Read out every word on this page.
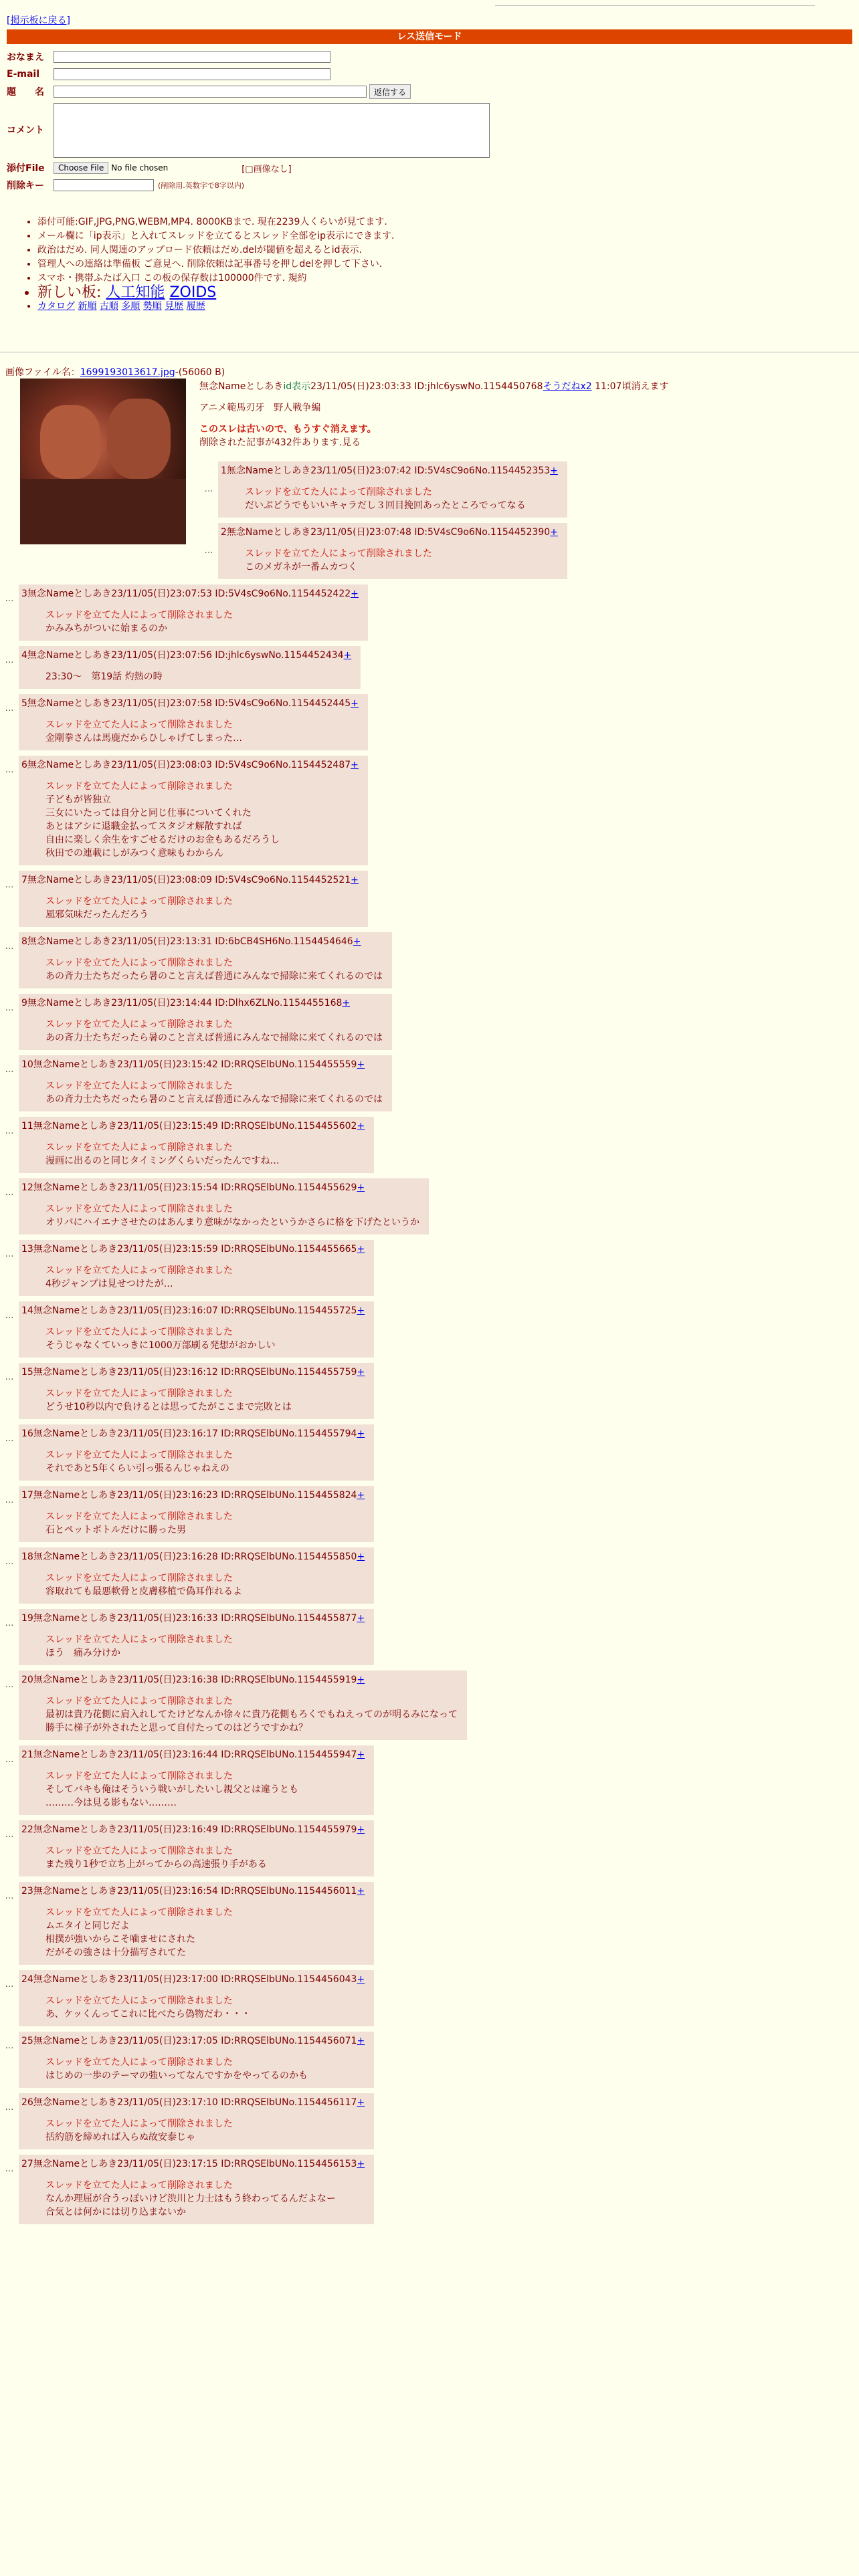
[掲示板に戻る]
レス送信モード
おなまえ
E-mail
題　　名	返信する
コメント
添付File	Choose File No file chosen	[□画像なし]
削除キー	(削除用.英数字で8字以内)
• 添付可能:GIF,JPG,PNG,WEBM,MP4. 8000KBまで. 現在2239人くらいが見てます.
• メール欄に「ip表示」と入れてスレッドを立てるとスレッド全部をip表示にできます.
• 政治はだめ. 同人関連のアップロード依頼はだめ.delが閾値を超えるとid表示.
• 管理人への連絡は準備板 ご意見へ. 削除依頼は記事番号を押しdelを押して下さい.
• スマホ・携帯ふたば入口 この板の保存数は100000件です. 規約
• 新しい板: 人工知能 ZOIDS
• カタログ 新順 古順 多順 勢順 見歴 履歴
画像ファイル名：1699193013617.jpg-(56060 B)
無念Nameとしあきid表示23/11/05(日)23:03:33 ID:jhlc6yswNo.1154450768そうだねx2 11:07頃消えます
アニメ範馬刃牙　野人戦争編
このスレは古いので、もうすぐ消えます。
削除された記事が432件あります.見る
…
1無念Nameとしあき23/11/05(日)23:07:42 ID:5V4sC9o6No.1154452353+
スレッドを立てた人によって削除されました
だいぶどうでもいいキャラだし３回目挽回あったところでってなる
…
2無念Nameとしあき23/11/05(日)23:07:48 ID:5V4sC9o6No.1154452390+
スレッドを立てた人によって削除されました
このメガネが一番ムカつく
… 3無念Nameとしあき23/11/05(日)23:07:53 ID:5V4sC9o6No.1154452422+
スレッドを立てた人によって削除されました
かみみちがついに始まるのか
… 4無念Nameとしあき23/11/05(日)23:07:56 ID:jhlc6yswNo.1154452434+
23:30〜　第19話 灼熱の時
… 5無念Nameとしあき23/11/05(日)23:07:58 ID:5V4sC9o6No.1154452445+
スレッドを立てた人によって削除されました
金剛拳さんは馬鹿だからひしゃげてしまった…
… 6無念Nameとしあき23/11/05(日)23:08:03 ID:5V4sC9o6No.1154452487+
スレッドを立てた人によって削除されました
子どもが皆独立
三女にいたっては自分と同じ仕事についてくれた
あとはアシに退職金払ってスタジオ解散すれば
自由に楽しく余生をすごせるだけのお金もあるだろうし
秋田での連載にしがみつく意味もわからん
… 7無念Nameとしあき23/11/05(日)23:08:09 ID:5V4sC9o6No.1154452521+
スレッドを立てた人によって削除されました
風邪気味だったんだろう
… 8無念Nameとしあき23/11/05(日)23:13:31 ID:6bCB4SH6No.1154454646+
スレッドを立てた人によって削除されました
あの斉力士たちだったら暑のこと言えば普通にみんなで掃除に来てくれるのでは
… 9無念Nameとしあき23/11/05(日)23:14:44 ID:Dlhx6ZLNo.1154455168+
スレッドを立てた人によって削除されました
あの斉力士たちだったら暑のこと言えば普通にみんなで掃除に来てくれるのでは
… 10無念Nameとしあき23/11/05(日)23:15:42 ID:RRQSElbUNo.1154455559+
スレッドを立てた人によって削除されました
あの斉力士たちだったら暑のこと言えば普通にみんなで掃除に来てくれるのでは
… 11無念Nameとしあき23/11/05(日)23:15:49 ID:RRQSElbUNo.1154455602+
スレッドを立てた人によって削除されました
漫画に出るのと同じタイミングくらいだったんですね…
… 12無念Nameとしあき23/11/05(日)23:15:54 ID:RRQSElbUNo.1154455629+
スレッドを立てた人によって削除されました
オリバにハイエナさせたのはあんまり意味がなかったというかさらに格を下げたというか
… 13無念Nameとしあき23/11/05(日)23:15:59 ID:RRQSElbUNo.1154455665+
スレッドを立てた人によって削除されました
4秒ジャンプは見せつけたが…
… 14無念Nameとしあき23/11/05(日)23:16:07 ID:RRQSElbUNo.1154455725+
スレッドを立てた人によって削除されました
そうじゃなくていっきに1000万部刷る発想がおかしい
… 15無念Nameとしあき23/11/05(日)23:16:12 ID:RRQSElbUNo.1154455759+
スレッドを立てた人によって削除されました
どうせ10秒以内で負けるとは思ってたがここまで完敗とは
… 16無念Nameとしあき23/11/05(日)23:16:17 ID:RRQSElbUNo.1154455794+
スレッドを立てた人によって削除されました
それであと5年くらい引っ張るんじゃねえの
… 17無念Nameとしあき23/11/05(日)23:16:23 ID:RRQSElbUNo.1154455824+
スレッドを立てた人によって削除されました
石とペットボトルだけに勝った男
… 18無念Nameとしあき23/11/05(日)23:16:28 ID:RRQSElbUNo.1154455850+
スレッドを立てた人によって削除されました
容取れても最悪軟骨と皮膚移植で偽耳作れるよ
… 19無念Nameとしあき23/11/05(日)23:16:33 ID:RRQSElbUNo.1154455877+
スレッドを立てた人によって削除されました
ほう　痛み分けか
… 20無念Nameとしあき23/11/05(日)23:16:38 ID:RRQSElbUNo.1154455919+
スレッドを立てた人によって削除されました
最初は貴乃花側に肩入れしてたけどなんか徐々に貴乃花側もろくでもねえってのが明るみになって
勝手に梯子が外されたと思って自付たってのはどうですかね？
… 21無念Nameとしあき23/11/05(日)23:16:44 ID:RRQSElbUNo.1154455947+
スレッドを立てた人によって削除されました
そしてバキも俺はそういう戦いがしたいし親父とは違うとも
………今は見る影もない………
… 22無念Nameとしあき23/11/05(日)23:16:49 ID:RRQSElbUNo.1154455979+
スレッドを立てた人によって削除されました
また残り1秒で立ち上がってからの高速張り手がある
… 23無念Nameとしあき23/11/05(日)23:16:54 ID:RRQSElbUNo.1154456011+
スレッドを立てた人によって削除されました
ムエタイと同じだよ
相撲が強いからこそ噛ませにされた
だがその強さは十分描写されてた
… 24無念Nameとしあき23/11/05(日)23:17:00 ID:RRQSElbUNo.1154456043+
スレッドを立てた人によって削除されました
あ、ケッくんってこれに比べたら偽物だわ・・・
… 25無念Nameとしあき23/11/05(日)23:17:05 ID:RRQSElbUNo.1154456071+
スレッドを立てた人によって削除されました
はじめの一歩のテーマの強いってなんですかをやってるのかも
… 26無念Nameとしあき23/11/05(日)23:17:10 ID:RRQSElbUNo.1154456117+
スレッドを立てた人によって削除されました
括約筋を締めれば入らぬ故安泰じゃ
… 27無念Nameとしあき23/11/05(日)23:17:15 ID:RRQSElbUNo.1154456153+
スレッドを立てた人によって削除されました
なんか理屈が合うっぽいけど渋川と力士はもう終わってるんだよなー
合気とは何かには切り込まないか
